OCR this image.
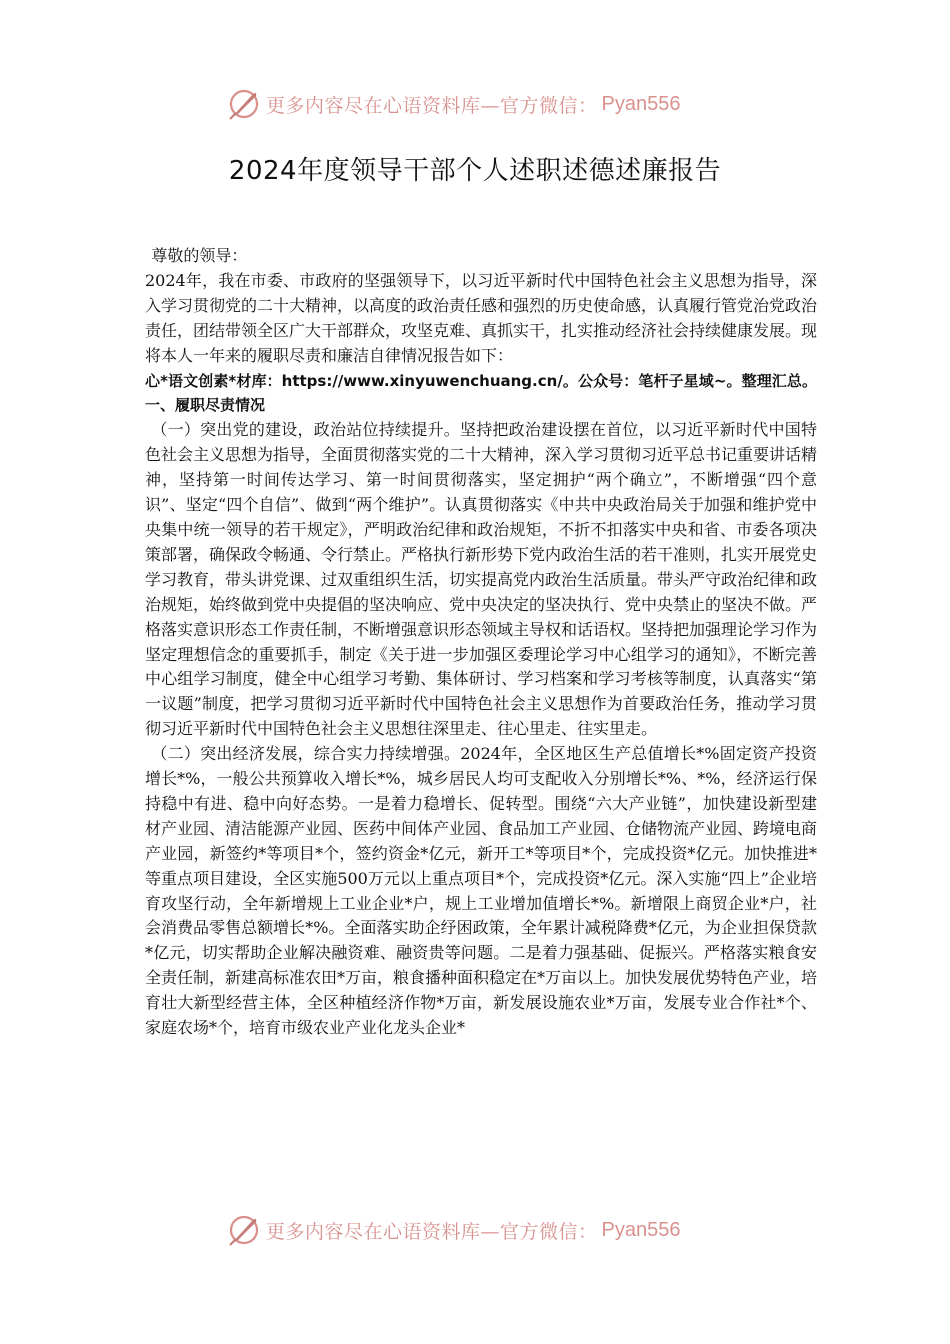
更多内容尽在心语资料库—官方微信： Pyan556
2024年度领导干部个人述职述德述廉报告

尊敬的领导：

2024年，我在市委、市政府的坚强领导下，以习近平新时代中国特色社会主义思想为指导，深入学习贯彻党的二十大精神，以高度的政治责任感和强烈的历史使命感，认真履行管党治党政治责任，团结带领全区广大干部群众，攻坚克难、真抓实干，扎实推动经济社会持续健康发展。现将本人一年来的履职尽责和廉洁自律情况报告如下：

心*语文创素*材库：https://www.xinyuwenchuang.cn/。公众号：笔杆子星域~。整理汇总。一、履职尽责情况

（一）突出党的建设，政治站位持续提升。坚持把政治建设摆在首位，以习近平新时代中国特色社会主义思想为指导，全面贯彻落实党的二十大精神，深入学习贯彻习近平总书记重要讲话精神，坚持第一时间传达学习、第一时间贯彻落实，坚定拥护“两个确立”，不断增强“四个意识”、坚定“四个自信”、做到“两个维护”。认真贯彻落实《中共中央政治局关于加强和维护党中央集中统一领导的若干规定》，严明政治纪律和政治规矩，不折不扣落实中央和省、市委各项决策部署，确保政令畅通、令行禁止。严格执行新形势下党内政治生活的若干准则，扎实开展党史学习教育，带头讲党课、过双重组织生活，切实提高党内政治生活质量。带头严守政治纪律和政治规矩，始终做到党中央提倡的坚决响应、党中央决定的坚决执行、党中央禁止的坚决不做。严格落实意识形态工作责任制，不断增强意识形态领域主导权和话语权。坚持把加强理论学习作为坚定理想信念的重要抓手，制定《关于进一步加强区委理论学习中心组学习的通知》，不断完善中心组学习制度，健全中心组学习考勤、集体研讨、学习档案和学习考核等制度，认真落实“第一议题”制度，把学习贯彻习近平新时代中国特色社会主义思想作为首要政治任务，推动学习贯彻习近平新时代中国特色社会主义思想往深里走、往心里走、往实里走。

（二）突出经济发展，综合实力持续增强。2024年，全区地区生产总值增长*%固定资产投资增长*%，一般公共预算收入增长*%，城乡居民人均可支配收入分别增长*%、*%，经济运行保持稳中有进、稳中向好态势。一是着力稳增长、促转型。围绕“六大产业链”，加快建设新型建材产业园、清洁能源产业园、医药中间体产业园、食品加工产业园、仓储物流产业园、跨境电商产业园，新签约*等项目*个，签约资金*亿元，新开工*等项目*个，完成投资*亿元。加快推进*等重点项目建设，全区实施500万元以上重点项目*个，完成投资*亿元。深入实施“四上”企业培育攻坚行动，全年新增规上工业企业*户，规上工业增加值增长*%。新增限上商贸企业*户，社会消费品零售总额增长*%。全面落实助企纾困政策，全年累计减税降费*亿元，为企业担保贷款*亿元，切实帮助企业解决融资难、融资贵等问题。二是着力强基础、促振兴。严格落实粮食安全责任制，新建高标准农田*万亩，粮食播种面积稳定在*万亩以上。加快发展优势特色产业，培育壮大新型经营主体，全区种植经济作物*万亩，新发展设施农业*万亩，发展专业合作社*个、家庭农场*个，培育市级农业产业化龙头企业*

更多内容尽在心语资料库—官方微信： Pyan556
